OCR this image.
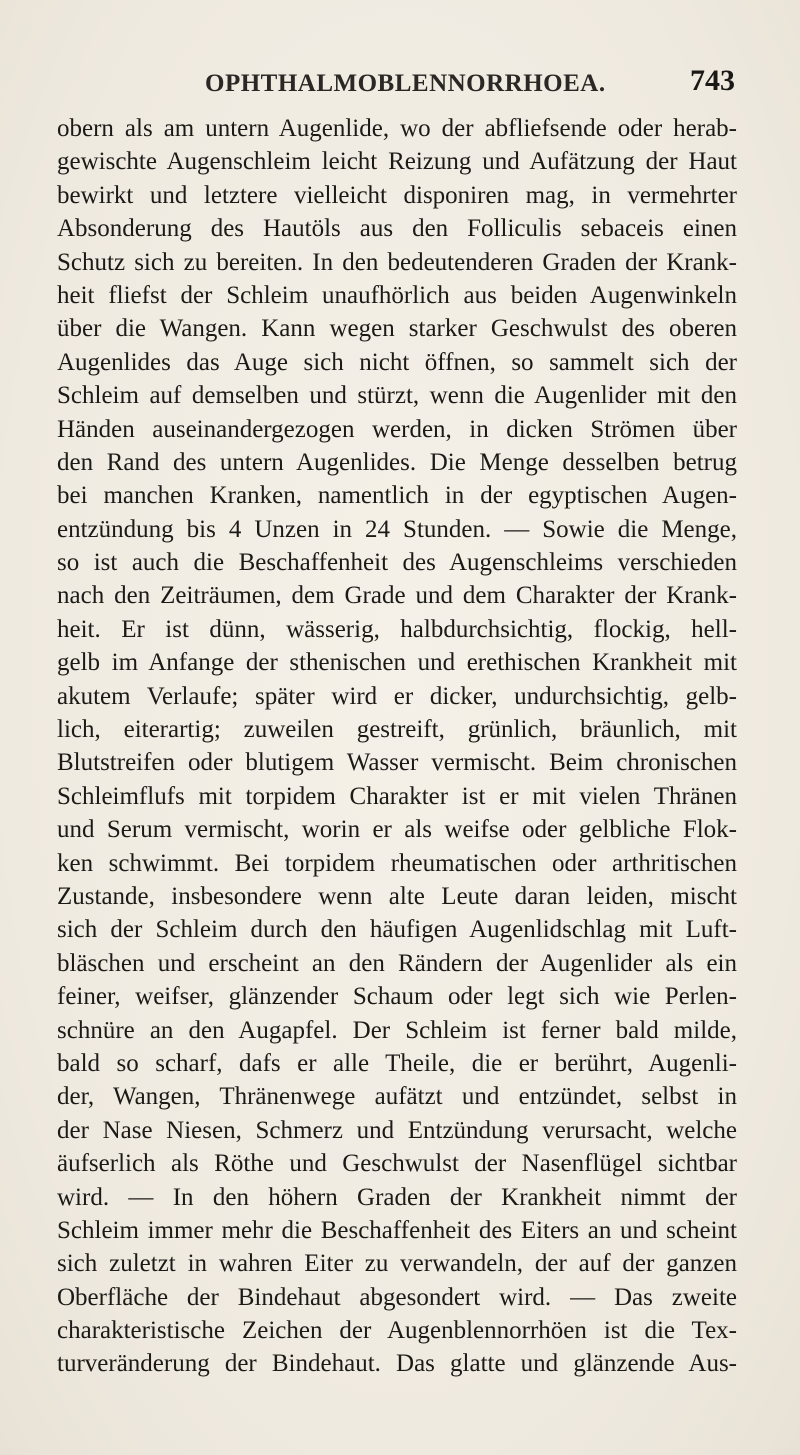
OPHTHALMOBLENNORRHOEA.	743
obern als am untern Augenlide, wo der abfliefsende oder herab-
gewischte Augenschleim leicht Reizung und Aufätzung der Haut
bewirkt und letztere vielleicht disponiren mag, in vermehrter
Absonderung des Hautöls aus den Folliculis sebaceis einen
Schutz sich zu bereiten. In den bedeutenderen Graden der Krank-
heit fliefst der Schleim unaufhörlich aus beiden Augenwinkeln
über die Wangen. Kann wegen starker Geschwulst des oberen
Augenlides das Auge sich nicht öffnen, so sammelt sich der
Schleim auf demselben und stürzt, wenn die Augenlider mit den
Händen auseinandergezogen werden, in dicken Strömen über
den Rand des untern Augenlides. Die Menge desselben betrug
bei manchen Kranken, namentlich in der egyptischen Augen-
entzündung bis 4 Unzen in 24 Stunden. — Sowie die Menge,
so ist auch die Beschaffenheit des Augenschleims verschieden
nach den Zeiträumen, dem Grade und dem Charakter der Krank-
heit. Er ist dünn, wässerig, halbdurchsichtig, flockig, hell-
gelb im Anfange der sthenischen und erethischen Krankheit mit
akutem Verlaufe; später wird er dicker, undurchsichtig, gelb-
lich, eiterartig; zuweilen gestreift, grünlich, bräunlich, mit
Blutstreifen oder blutigem Wasser vermischt. Beim chronischen
Schleimflufs mit torpidem Charakter ist er mit vielen Thränen
und Serum vermischt, worin er als weifse oder gelbliche Flok-
ken schwimmt. Bei torpidem rheumatischen oder arthritischen
Zustande, insbesondere wenn alte Leute daran leiden, mischt
sich der Schleim durch den häufigen Augenlidschlag mit Luft-
bläschen und erscheint an den Rändern der Augenlider als ein
feiner, weifser, glänzender Schaum oder legt sich wie Perlen-
schnüre an den Augapfel. Der Schleim ist ferner bald milde,
bald so scharf, dafs er alle Theile, die er berührt, Augenli-
der, Wangen, Thränenwege aufätzt und entzündet, selbst in
der Nase Niesen, Schmerz und Entzündung verursacht, welche
äufserlich als Röthe und Geschwulst der Nasenflügel sichtbar
wird. — In den höhern Graden der Krankheit nimmt der
Schleim immer mehr die Beschaffenheit des Eiters an und scheint
sich zuletzt in wahren Eiter zu verwandeln, der auf der ganzen
Oberfläche der Bindehaut abgesondert wird. — Das zweite
charakteristische Zeichen der Augenblennorrhöen ist die Tex-
turveränderung der Bindehaut. Das glatte und glänzende Aus-
